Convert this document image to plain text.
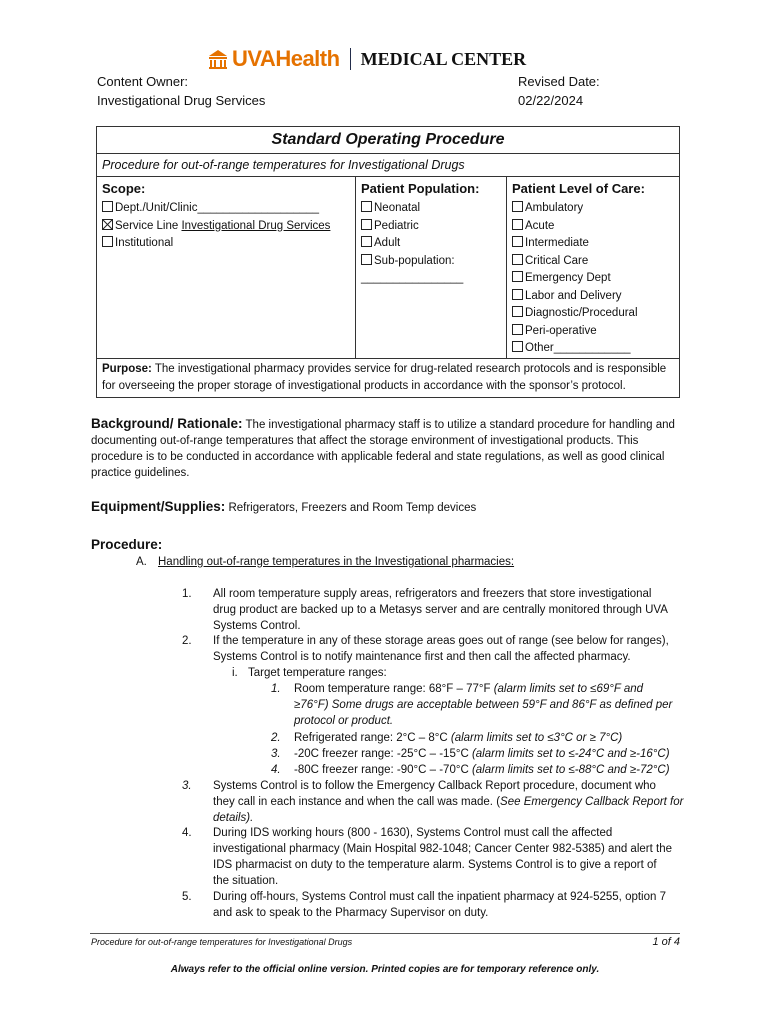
UVAHealth MEDICAL CENTER
Content Owner:
Investigational Drug Services
Revised Date:
02/22/2024
Standard Operating Procedure
Procedure for out-of-range temperatures for Investigational Drugs

Scope:
Dept./Unit/Clinic___________________
Service Line Investigational Drug Services
Institutional

Patient Population:
Neonatal
Pediatric
Adult
Sub-population:
________________

Patient Level of Care:
Ambulatory
Acute
Intermediate
Critical Care
Emergency Dept
Labor and Delivery
Diagnostic/Procedural
Peri-operative
Other____________

Purpose: The investigational pharmacy provides service for drug-related research protocols and is responsible
for overseeing the proper storage of investigational products in accordance with the sponsor’s protocol.
Background/ Rationale: The investigational pharmacy staff is to utilize a standard procedure for handling and
documenting out-of-range temperatures that affect the storage environment of investigational products. This
procedure is to be conducted in accordance with applicable federal and state regulations, as well as good clinical
practice guidelines.
Equipment/Supplies: Refrigerators, Freezers and Room Temp devices
Procedure:
A. Handling out-of-range temperatures in the Investigational pharmacies:
1. All room temperature supply areas, refrigerators and freezers that store investigational
drug product are backed up to a Metasys server and are centrally monitored through UVA
Systems Control.
2. If the temperature in any of these storage areas goes out of range (see below for ranges),
Systems Control is to notify maintenance first and then call the affected pharmacy.
i. Target temperature ranges:
1. Room temperature range: 68°F – 77°F (alarm limits set to ≤69°F and
≥76°F) Some drugs are acceptable between 59°F and 86°F as defined per
protocol or product.
2. Refrigerated range: 2°C – 8°C (alarm limits set to ≤3°C or ≥ 7°C)
3. -20C freezer range: -25°C – -15°C (alarm limits set to ≤-24°C and ≥-16°C)
4. -80C freezer range: -90°C – -70°C (alarm limits set to ≤-88°C and ≥-72°C)
3. Systems Control is to follow the Emergency Callback Report procedure, document who
they call in each instance and when the call was made. (See Emergency Callback Report for
details).
4. During IDS working hours (800 - 1630), Systems Control must call the affected
investigational pharmacy (Main Hospital 982-1048; Cancer Center 982-5385) and alert the
IDS pharmacist on duty to the temperature alarm. Systems Control is to give a report of
the situation.
5. During off-hours, Systems Control must call the inpatient pharmacy at 924-5255, option 7
and ask to speak to the Pharmacy Supervisor on duty.
Procedure for out-of-range temperatures for Investigational Drugs	1 of 4
Always refer to the official online version. Printed copies are for temporary reference only.
